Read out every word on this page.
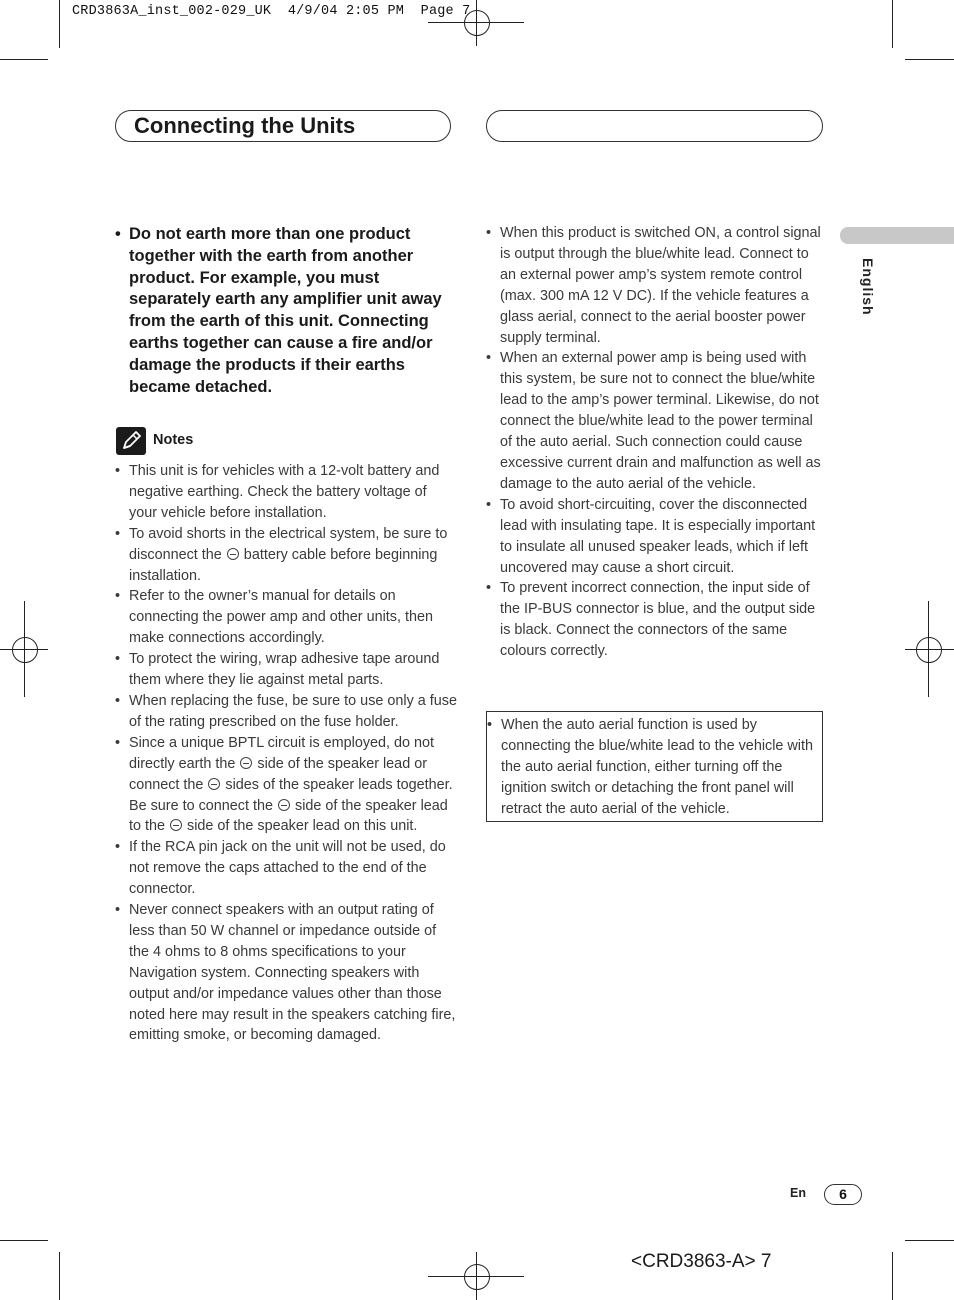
CRD3863A_inst_002-029_UK  4/9/04 2:05 PM  Page 7
Connecting the Units
English
• Do not earth more than one product together with the earth from another product. For example, you must separately earth any amplifier unit away from the earth of this unit. Connecting earths together can cause a fire and/or damage the products if their earths became detached.
Notes
• This unit is for vehicles with a 12-volt battery and negative earthing. Check the battery voltage of your vehicle before installation.
• To avoid shorts in the electrical system, be sure to disconnect the  battery cable before beginning installation.
• Refer to the owner’s manual for details on connecting the power amp and other units, then make connections accordingly.
• To protect the wiring, wrap adhesive tape around them where they lie against metal parts.
• When replacing the fuse, be sure to use only a fuse of the rating prescribed on the fuse holder.
• Since a unique BPTL circuit is employed, do not directly earth the  side of the speaker lead or connect the  sides of the speaker leads together. Be sure to connect the  side of the speaker lead to the  side of the speaker lead on this unit.
• If the RCA pin jack on the unit will not be used, do not remove the caps attached to the end of the connector.
• Never connect speakers with an output rating of less than 50 W channel or impedance outside of the 4 ohms to 8 ohms specifications to your Navigation system. Connecting speakers with output and/or impedance values other than those noted here may result in the speakers catching fire, emitting smoke, or becoming damaged.
• When this product is switched ON, a control signal is output through the blue/white lead. Connect to an external power amp’s system remote control (max. 300 mA 12 V DC). If the vehicle features a glass aerial, connect to the aerial booster power supply terminal.
• When an external power amp is being used with this system, be sure not to connect the blue/white lead to the amp’s power terminal. Likewise, do not connect the blue/white lead to the power terminal of the auto aerial. Such connection could cause excessive current drain and malfunction as well as damage to the auto aerial of the vehicle.
• To avoid short-circuiting, cover the disconnected lead with insulating tape. It is especially important to insulate all unused speaker leads, which if left uncovered may cause a short circuit.
• To prevent incorrect connection, the input side of the IP-BUS connector is blue, and the output side is black. Connect the connectors of the same colours correctly.
• When the auto aerial function is used by connecting the blue/white lead to the vehicle with the auto aerial function, either turning off the ignition switch or detaching the front panel will retract the auto aerial of the vehicle.
En	6
<CRD3863-A> 7
